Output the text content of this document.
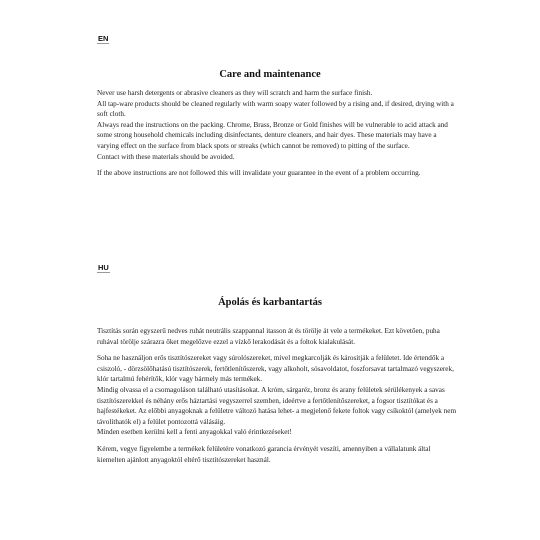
EN
Care and maintenance

Never use harsh detergents or abrasive cleaners as they will scratch and harm the surface finish.

All tap-ware products should be cleaned regularly with warm soapy water followed by a rising and, if desired, drying with a soft cloth.

Always read the instructions on the packing. Chrome, Brass, Bronze or Gold finishes will be vulnerable to acid attack and some strong household chemicals including disinfectants, denture cleaners, and hair dyes. These materials may have a varying effect on the surface from black spots or streaks (which cannot be removed) to pitting of the surface.

Contact with these materials should be avoided.

If the above instructions are not followed this will invalidate your guarantee in the event of a problem occurring.

HU
Ápolás és karbantartás

Tisztítás során egyszerű nedves ruhát neutrális szappannal itasson át és törölje át vele a termékeket. Ezt követően, puha ruhával törölje szárazra őket megelőzve ezzel a vízkő lerakodását és a foltok kialakulását.

Soha ne használjon erős tisztítószereket vagy súrolószereket, mivel megkarcolják és károsítják a felületet. Ide értendők a csiszoló, - dörzsölőhatású tisztítószerek, fertőtlenítőszerek, vagy alkoholt, sósavoldatot, foszforsavat tartalmazó vegyszerek, klór tartalmú fehérítők, klór vagy bármely más termékek.

Mindig olvassa el a csomagoláson található utasításokat. A króm, sárgaréz, bronz és arany felületek sérülékenyek a savas tisztítószerekkel és néhány erős háztartási vegyszerrel szemben, ideértve a fertőtlenítőszereket, a fogsor tisztítókat és a hajfestékeket. Az előbbi anyagoknak a felületre változó hatása lehet- a megjelenő fekete foltok vagy csíkoktól (amelyek nem távolíthatók el) a felület pontozottá válásáig.

Minden esetben kerülni kell a fenti anyagokkal való érintkezéseket!

Kérem, vegye figyelembe a termékek felületére vonatkozó garancia érvényét veszíti, amennyiben a vállalatunk által kiemelten ajánlott anyagoktól eltérő tisztítószereket használ.
